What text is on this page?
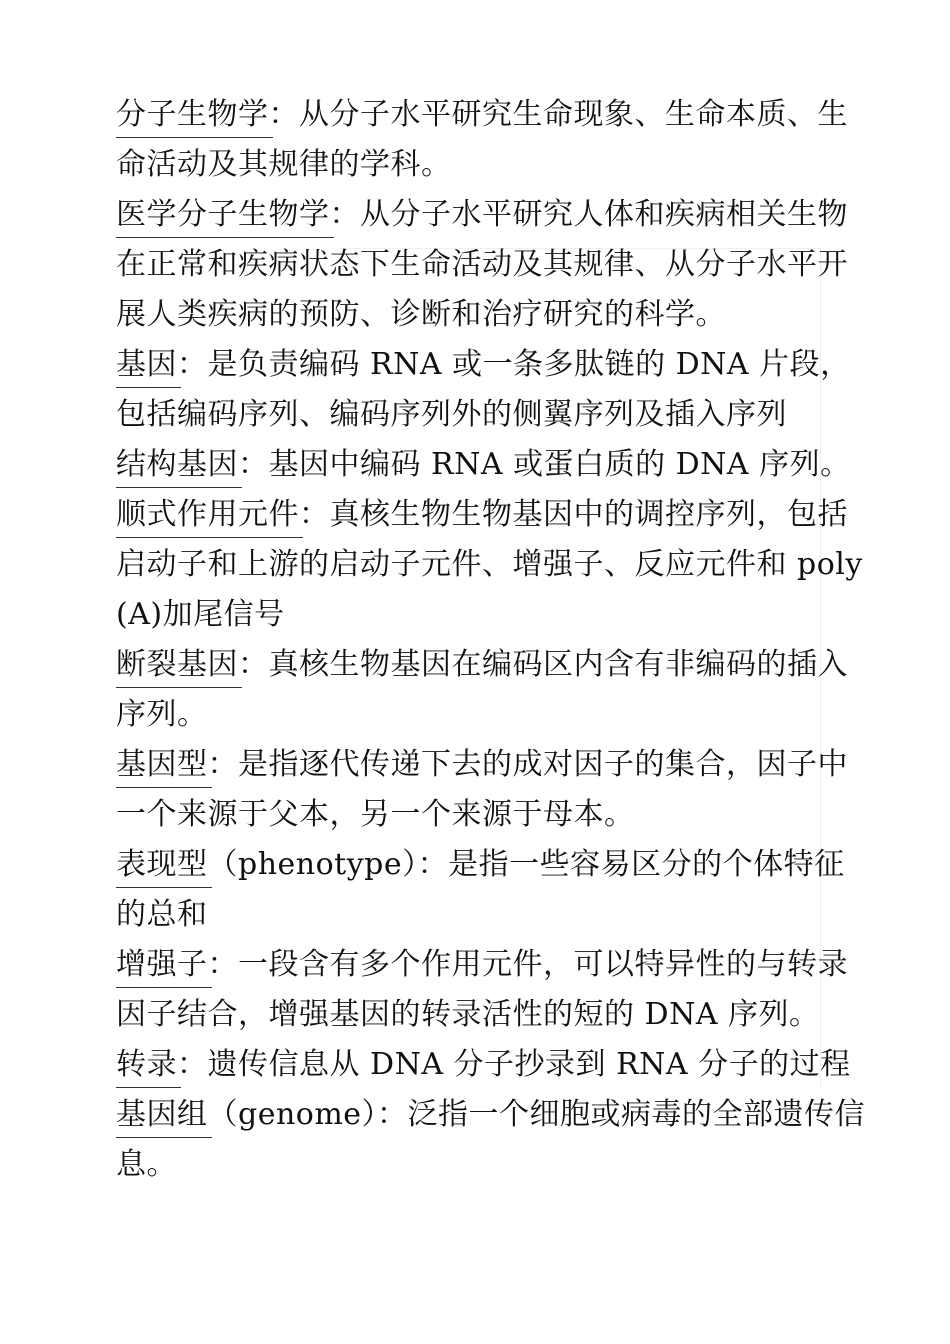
分子生物学：从分子水平研究生命现象、生命本质、生命活动及其规律的学科。

医学分子生物学：从分子水平研究人体和疾病相关生物在正常和疾病状态下生命活动及其规律、从分子水平开展人类疾病的预防、诊断和治疗研究的科学。

基因：是负责编码 RNA 或一条多肽链的 DNA 片段，包括编码序列、编码序列外的侧翼序列及插入序列

结构基因：基因中编码 RNA 或蛋白质的 DNA 序列。

顺式作用元件：真核生物生物基因中的调控序列，包括启动子和上游的启动子元件、增强子、反应元件和 poly(A)加尾信号

断裂基因：真核生物基因在编码区内含有非编码的插入序列。

基因型：是指逐代传递下去的成对因子的集合，因子中一个来源于父本，另一个来源于母本。

表现型（phenotype）：是指一些容易区分的个体特征的总和

增强子：一段含有多个作用元件，可以特异性的与转录因子结合，增强基因的转录活性的短的 DNA 序列。

转录：遗传信息从 DNA 分子抄录到 RNA 分子的过程

基因组（genome）：泛指一个细胞或病毒的全部遗传信息。
